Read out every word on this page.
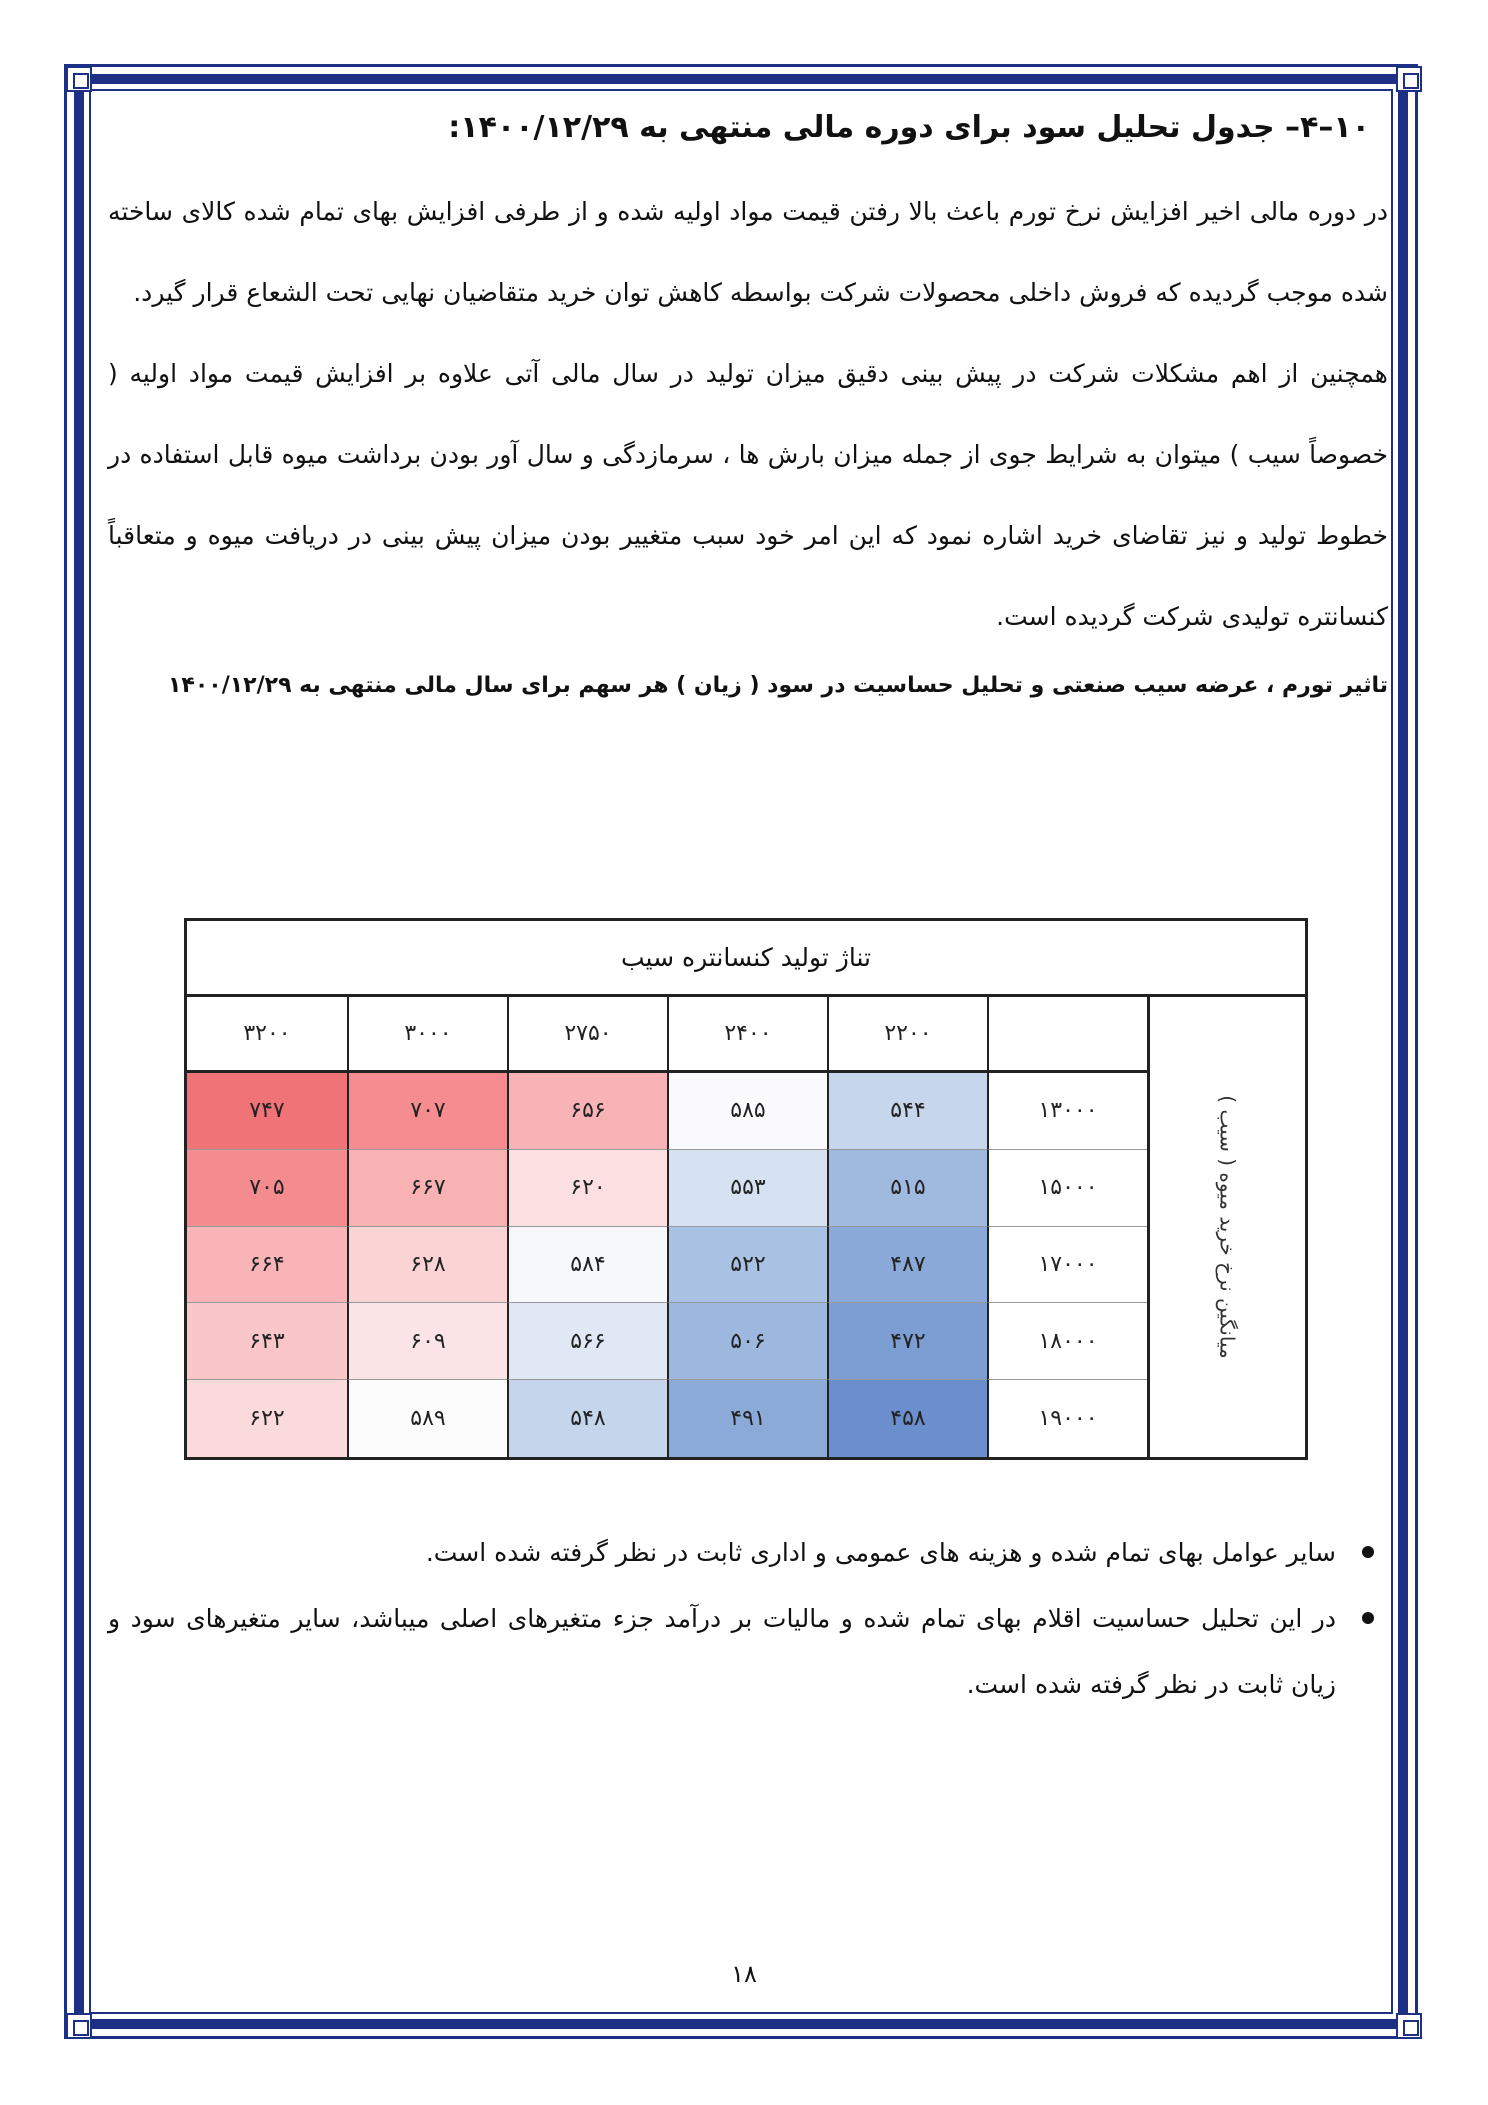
۱۰–۴– جدول تحلیل سود برای دوره مالی منتهی به ۱۴۰۰/۱۲/۲۹:

در دوره مالی اخیر افزایش نرخ تورم باعث بالا رفتن قیمت مواد اولیه شده و از طرفی افزایش بهای تمام شده کالای ساخته شده موجب گردیده که فروش داخلی محصولات شرکت بواسطه کاهش توان خرید متقاضیان نهایی تحت الشعاع قرار گیرد.

همچنین از اهم مشکلات شرکت در پیش بینی دقیق میزان تولید در سال مالی آتی علاوه بر افزایش قیمت مواد اولیه ( خصوصاً سیب ) میتوان به شرایط جوی از جمله میزان بارش ها ، سرمازدگی و سال آور بودن برداشت میوه قابل استفاده در خطوط تولید و نیز تقاضای خرید اشاره نمود که این امر خود سبب متغییر بودن میزان پیش بینی در دریافت میوه و متعاقباً کنسانتره تولیدی شرکت گردیده است.

تاثیر تورم ، عرضه سیب صنعتی و تحلیل حساسیت در سود ( زیان ) هر سهم برای سال مالی منتهی به ۱۴۰۰/۱۲/۲۹

تناژ تولید کنسانتره سیب
میانگین نرخ خرید میوه ( سیب )
۳۲۰۰	۳۰۰۰	۲۷۵۰	۲۴۰۰	۲۲۰۰
۷۴۷	۷۰۷	۶۵۶	۵۸۵	۵۴۴	۱۳۰۰۰
۷۰۵	۶۶۷	۶۲۰	۵۵۳	۵۱۵	۱۵۰۰۰
۶۶۴	۶۲۸	۵۸۴	۵۲۲	۴۸۷	۱۷۰۰۰
۶۴۳	۶۰۹	۵۶۶	۵۰۶	۴۷۲	۱۸۰۰۰
۶۲۲	۵۸۹	۵۴۸	۴۹۱	۴۵۸	۱۹۰۰۰
سایر عوامل بهای تمام شده و هزینه های عمومی و اداری ثابت در نظر گرفته شده است.
در این تحلیل حساسیت اقلام بهای تمام شده و مالیات بر درآمد جزء متغیرهای اصلی میباشد، سایر متغیرهای سود و زیان ثابت در نظر گرفته شده است.
۱۸
